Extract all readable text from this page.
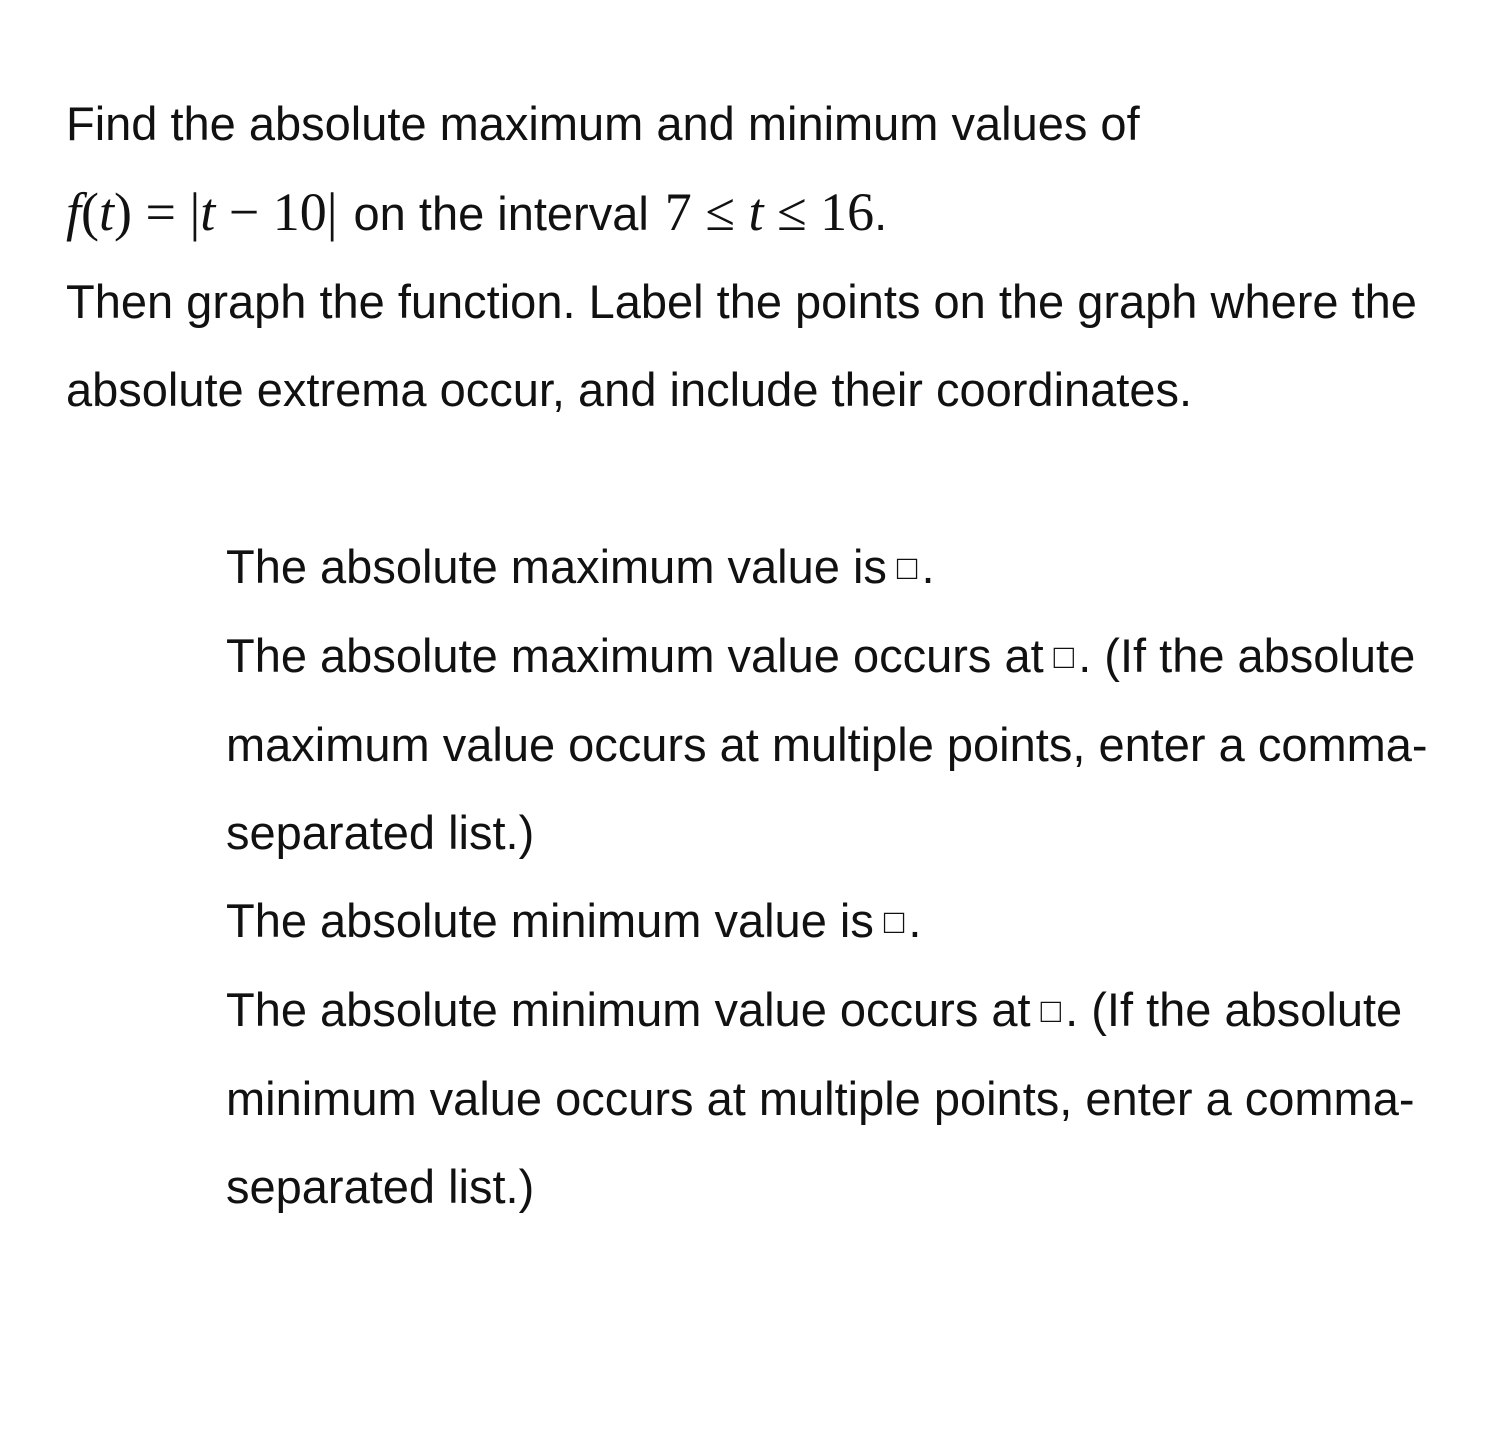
Find the absolute maximum and minimum values of
f(t) = |t − 10| on the interval 7 ≤ t ≤ 16.
Then graph the function. Label the points on the graph where the absolute extrema occur, and include their coordinates.
The absolute maximum value is □.
The absolute maximum value occurs at □. (If the absolute maximum value occurs at multiple points, enter a comma-separated list.)
The absolute minimum value is □.
The absolute minimum value occurs at □. (If the absolute minimum value occurs at multiple points, enter a comma-separated list.)
